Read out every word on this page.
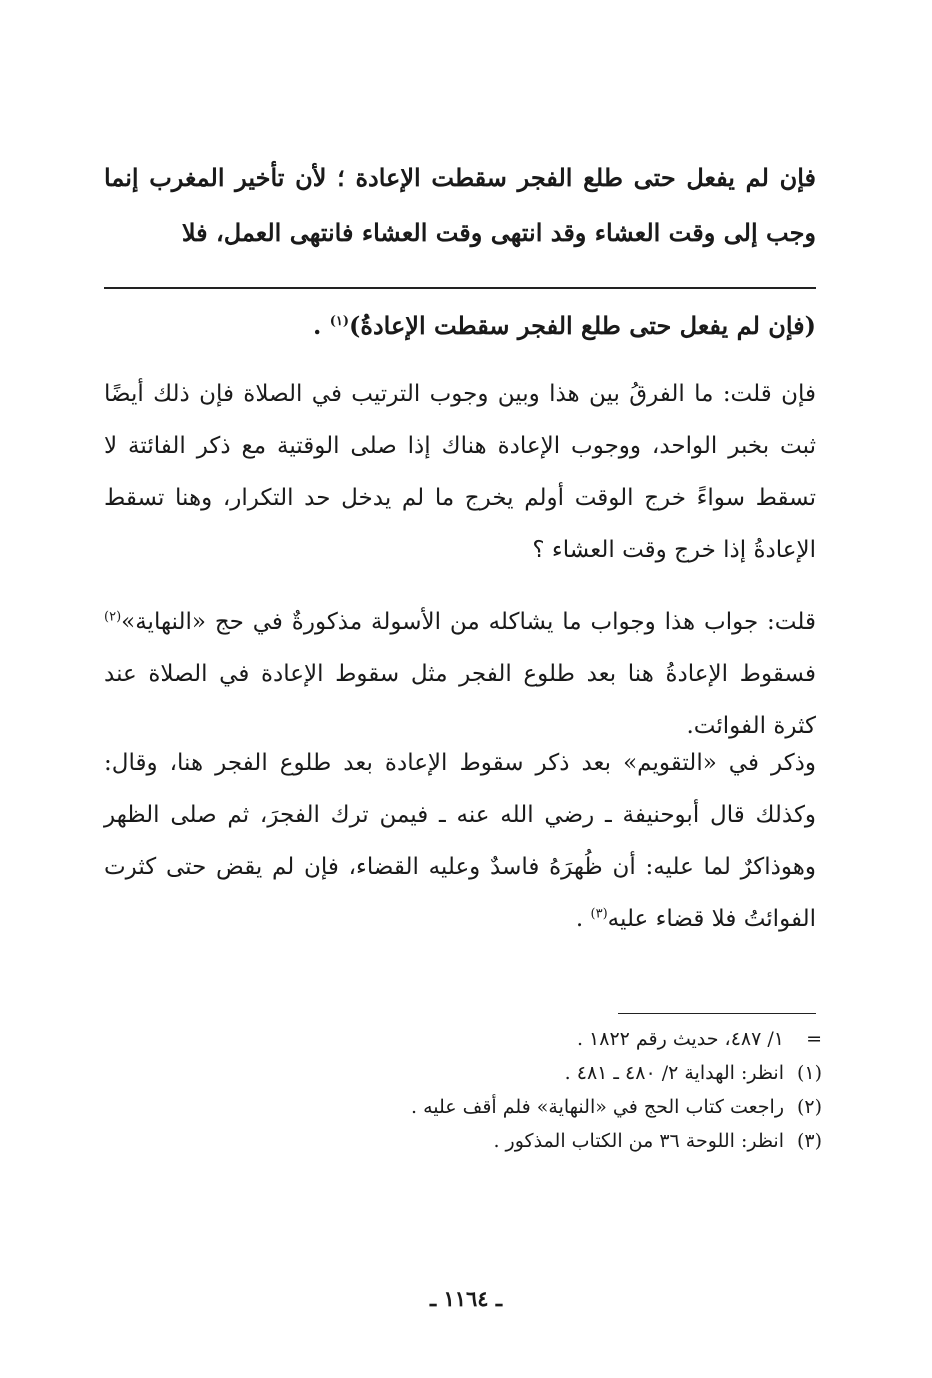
فإن لم يفعل حتى طلع الفجر سقطت الإعادة ؛ لأن تأخير المغرب إنما وجب إلى وقت العشاء وقد انتهى وقت العشاء فانتهى العمل، فلا
(فإن لم يفعل حتى طلع الفجر سقطت الإعادةُ)$^{(١)}$ .
فإن قلت: ما الفرقُ بين هذا وبين وجوب الترتيب في الصلاة فإن ذلك أيضًا ثبت بخبر الواحد، ووجوب الإعادة هناك إذا صلى الوقتية مع ذكر الفائتة لا تسقط سواءً خرج الوقت أولم يخرج ما لم يدخل حد التكرار، وهنا تسقط الإعادةُ إذا خرج وقت العشاء ؟
قلت: جواب هذا وجواب ما يشاكله من الأسولة مذكورةٌ في حج «النهاية»$^{(٢)}$ فسقوط الإعادةُ هنا بعد طلوع الفجر مثل سقوط الإعادة في الصلاة عند كثرة الفوائت.
وذكر في «التقويم» بعد ذكر سقوط الإعادة بعد طلوع الفجر هنا، وقال: وكذلك قال أبوحنيفة ـ رضي الله عنه ـ فيمن ترك الفجرَ، ثم صلى الظهر وهوذاكرٌ لما عليه: أن ظُهرَهُ فاسدٌ وعليه القضاء، فإن لم يقض حتى كثرت الفوائتُ فلا قضاء عليه$^{(٣)}$ .
=١/ ٤٨٧، حديث رقم ١٨٢٢ .
(١)انظر: الهداية ٢/ ٤٨٠ ـ ٤٨١ .
(٢)راجعت كتاب الحج في «النهاية» فلم أقف عليه .
(٣)انظر: اللوحة ٣٦ من الكتاب المذكور .
ـ ١١٦٤ ـ
